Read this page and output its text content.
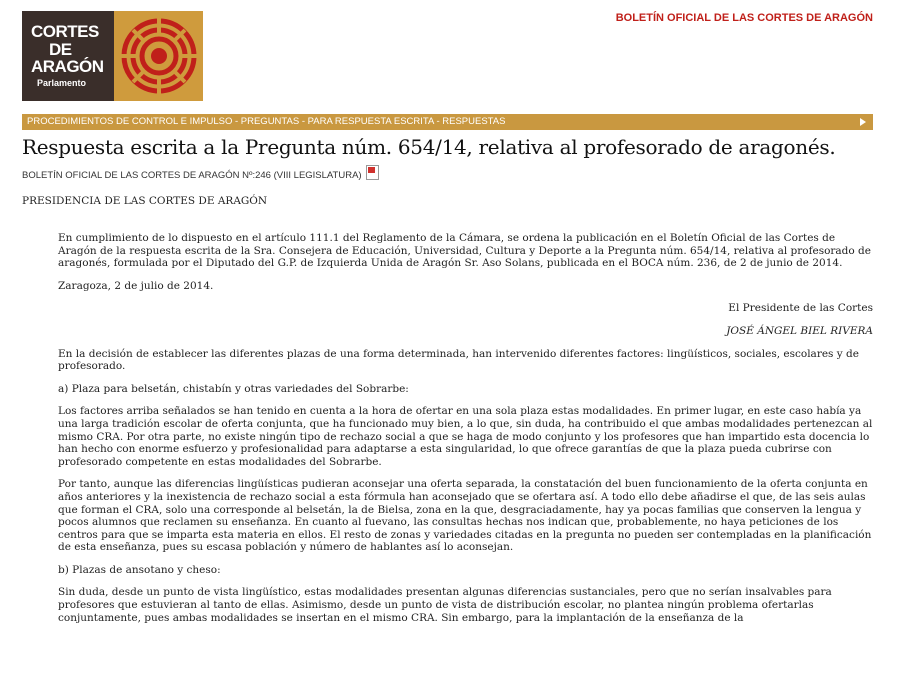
CORTES
DE
ARAGÓN
Parlamento
BOLETÍN OFICIAL DE LAS CORTES DE ARAGÓN
PROCEDIMIENTOS DE CONTROL E IMPULSO - PREGUNTAS - PARA RESPUESTA ESCRITA - RESPUESTAS
Respuesta escrita a la Pregunta núm. 654/14, relativa al profesorado de aragonés.
BOLETÍN OFICIAL DE LAS CORTES DE ARAGÓN Nº:246 (VIII LEGISLATURA)
PRESIDENCIA DE LAS CORTES DE ARAGÓN

En cumplimiento de lo dispuesto en el artículo 111.1 del Reglamento de la Cámara, se ordena la publicación en el Boletín Oficial de las Cortes de Aragón de la respuesta escrita de la Sra. Consejera de Educación, Universidad, Cultura y Deporte a la Pregunta núm. 654/14, relativa al profesorado de aragonés, formulada por el Diputado del G.P. de Izquierda Unida de Aragón Sr. Aso Solans, publicada en el BOCA núm. 236, de 2 de junio de 2014.

Zaragoza, 2 de julio de 2014.

El Presidente de las Cortes

JOSÉ ÁNGEL BIEL RIVERA

En la decisión de establecer las diferentes plazas de una forma determinada, han intervenido diferentes factores: lingüísticos, sociales, escolares y de profesorado.

a) Plaza para belsetán, chistabín y otras variedades del Sobrarbe:

Los factores arriba señalados se han tenido en cuenta a la hora de ofertar en una sola plaza estas modalidades. En primer lugar, en este caso había ya una larga tradición escolar de oferta conjunta, que ha funcionado muy bien, a lo que, sin duda, ha contribuido el que ambas modalidades pertenezcan al mismo CRA. Por otra parte, no existe ningún tipo de rechazo social a que se haga de modo conjunto y los profesores que han impartido esta docencia lo han hecho con enorme esfuerzo y profesionalidad para adaptarse a esta singularidad, lo que ofrece garantías de que la plaza pueda cubrirse con profesorado competente en estas modalidades del Sobrarbe.

Por tanto, aunque las diferencias lingüísticas pudieran aconsejar una oferta separada, la constatación del buen funcionamiento de la oferta conjunta en años anteriores y la inexistencia de rechazo social a esta fórmula han aconsejado que se ofertara así. A todo ello debe añadirse el que, de las seis aulas que forman el CRA, solo una corresponde al belsetán, la de Bielsa, zona en la que, desgraciadamente, hay ya pocas familias que conserven la lengua y pocos alumnos que reclamen su enseñanza. En cuanto al fuevano, las consultas hechas nos indican que, probablemente, no haya peticiones de los centros para que se imparta esta materia en ellos. El resto de zonas y variedades citadas en la pregunta no pueden ser contempladas en la planificación de esta enseñanza, pues su escasa población y número de hablantes así lo aconsejan.

b) Plazas de ansotano y cheso:

Sin duda, desde un punto de vista lingüístico, estas modalidades presentan algunas diferencias sustanciales, pero que no serían insalvables para profesores que estuvieran al tanto de ellas. Asimismo, desde un punto de vista de distribución escolar, no plantea ningún problema ofertarlas conjuntamente, pues ambas modalidades se insertan en el mismo CRA. Sin embargo, para la implantación de la enseñanza de la
